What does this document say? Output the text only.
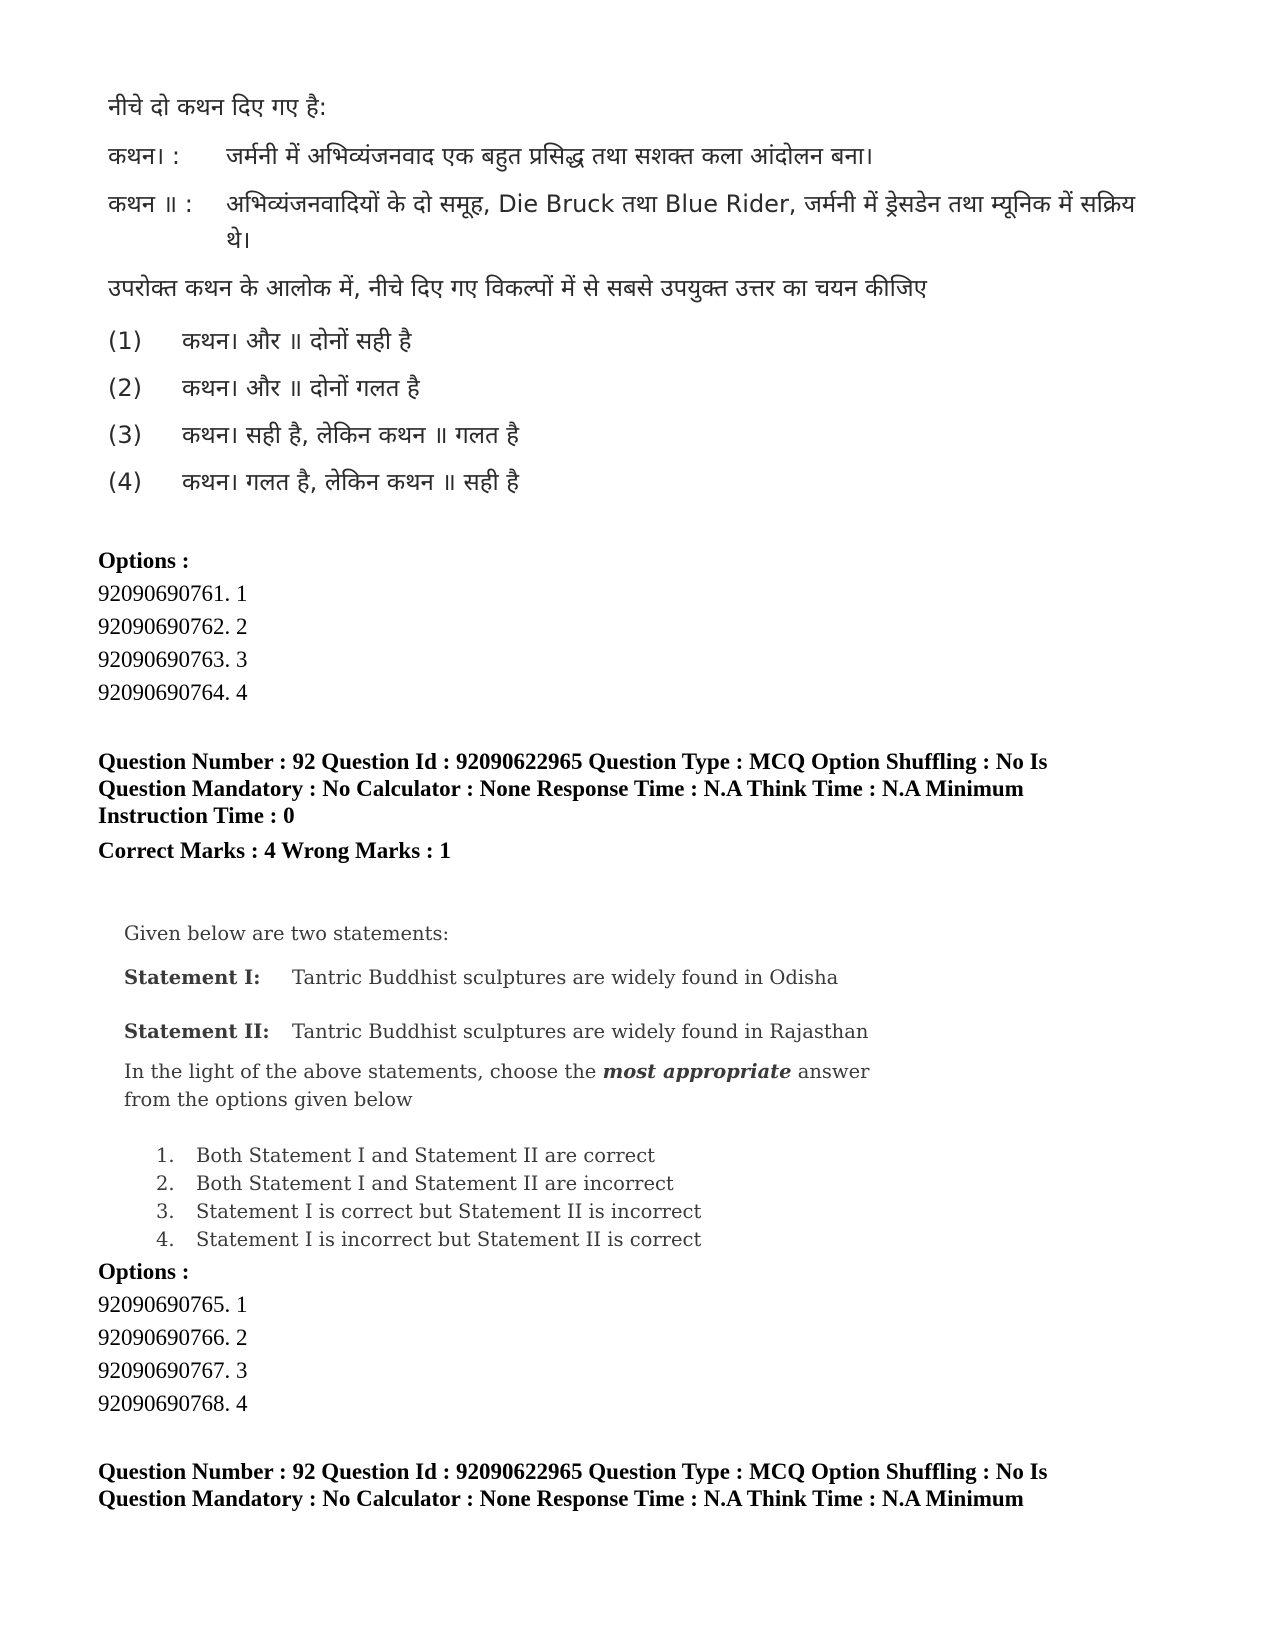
नीचे दो कथन दिए गए है:
कथन। :	जर्मनी में अभिव्यंजनवाद एक बहुत प्रसिद्ध तथा सशक्त कला आंदोलन बना।
कथन ॥ :	अभिव्यंजनवादियों के दो समूह, Die Bruck तथा Blue Rider, जर्मनी में ड्रेसडेन तथा म्यूनिक में सक्रिय थे।
उपरोक्त कथन के आलोक में, नीचे दिए गए विकल्पों में से सबसे उपयुक्त उत्तर का चयन कीजिए
(1)	कथन। और ॥ दोनों सही है
(2)	कथन। और ॥ दोनों गलत है
(3)	कथन। सही है, लेकिन कथन ॥ गलत है
(4)	कथन। गलत है, लेकिन कथन ॥ सही है
Options :
92090690761. 1
92090690762. 2
92090690763. 3
92090690764. 4
Question Number : 92 Question Id : 92090622965 Question Type : MCQ Option Shuffling : No Is
Question Mandatory : No Calculator : None Response Time : N.A Think Time : N.A Minimum
Instruction Time : 0
Correct Marks : 4 Wrong Marks : 1
Given below are two statements:
Statement I:	Tantric Buddhist sculptures are widely found in Odisha
Statement II:	Tantric Buddhist sculptures are widely found in Rajasthan
In the light of the above statements, choose the most appropriate answer
from the options given below
1.	Both Statement I and Statement II are correct
2.	Both Statement I and Statement II are incorrect
3.	Statement I is correct but Statement II is incorrect
4.	Statement I is incorrect but Statement II is correct
Options :
92090690765. 1
92090690766. 2
92090690767. 3
92090690768. 4
Question Number : 92 Question Id : 92090622965 Question Type : MCQ Option Shuffling : No Is
Question Mandatory : No Calculator : None Response Time : N.A Think Time : N.A Minimum
